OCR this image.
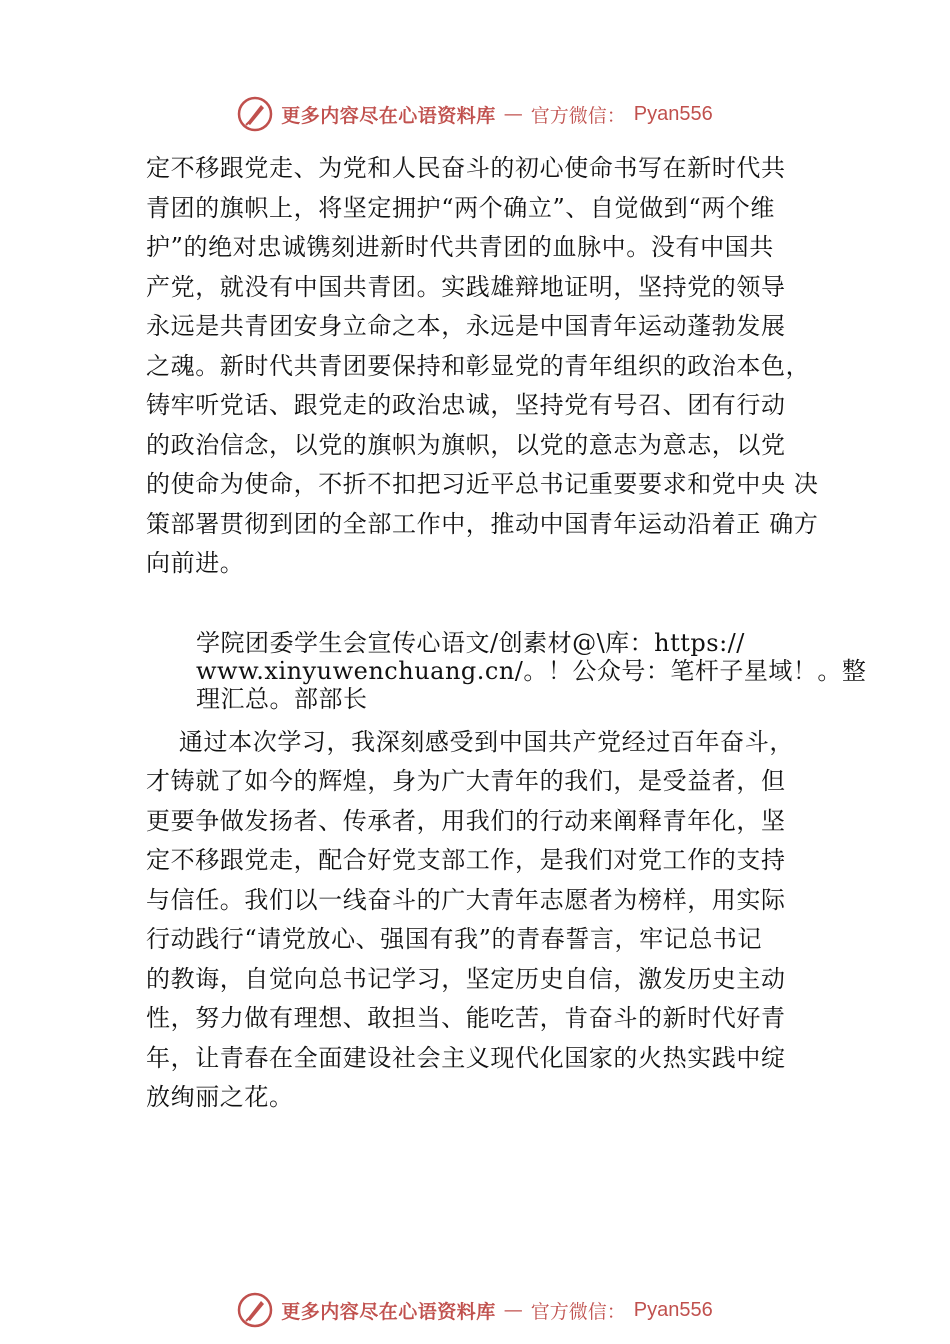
更多内容尽在心语资料库 — 官方微信： Pyan556
定不移跟党走、为党和人民奋斗的初心使命书写在新时代共
青团的旗帜上，将坚定拥护“两个确立”、自觉做到“两个维
护”的绝对忠诚镌刻进新时代共青团的血脉中。没有中国共
产党，就没有中国共青团。实践雄辩地证明，坚持党的领导
永远是共青团安身立命之本，永远是中国青年运动蓬勃发展
之魂。新时代共青团要保持和彰显党的青年组织的政治本色，
铸牢听党话、跟党走的政治忠诚，坚持党有号召、团有行动
的政治信念，以党的旗帜为旗帜，以党的意志为意志，以党
的使命为使命，不折不扣把习近平总书记重要要求和党中央 决
策部署贯彻到团的全部工作中，推动中国青年运动沿着正 确方
向前进。
学院团委学生会宣传心语文/创素材@\库：https://
www.xinyuwenchuang.cn/。！公众号：笔杆子星域！。整
理汇总。部部长
通过本次学习，我深刻感受到中国共产党经过百年奋斗，
才铸就了如今的辉煌，身为广大青年的我们，是受益者，但
更要争做发扬者、传承者，用我们的行动来阐释青年化，坚
定不移跟党走，配合好党支部工作，是我们对党工作的支持
与信任。我们以一线奋斗的广大青年志愿者为榜样，用实际
行动践行“请党放心、强国有我”的青春誓言，牢记总书记
的教诲，自觉向总书记学习，坚定历史自信，激发历史主动
性，努力做有理想、敢担当、能吃苦，肯奋斗的新时代好青
年，让青春在全面建设社会主义现代化国家的火热实践中绽
放绚丽之花。
更多内容尽在心语资料库 — 官方微信： Pyan556
